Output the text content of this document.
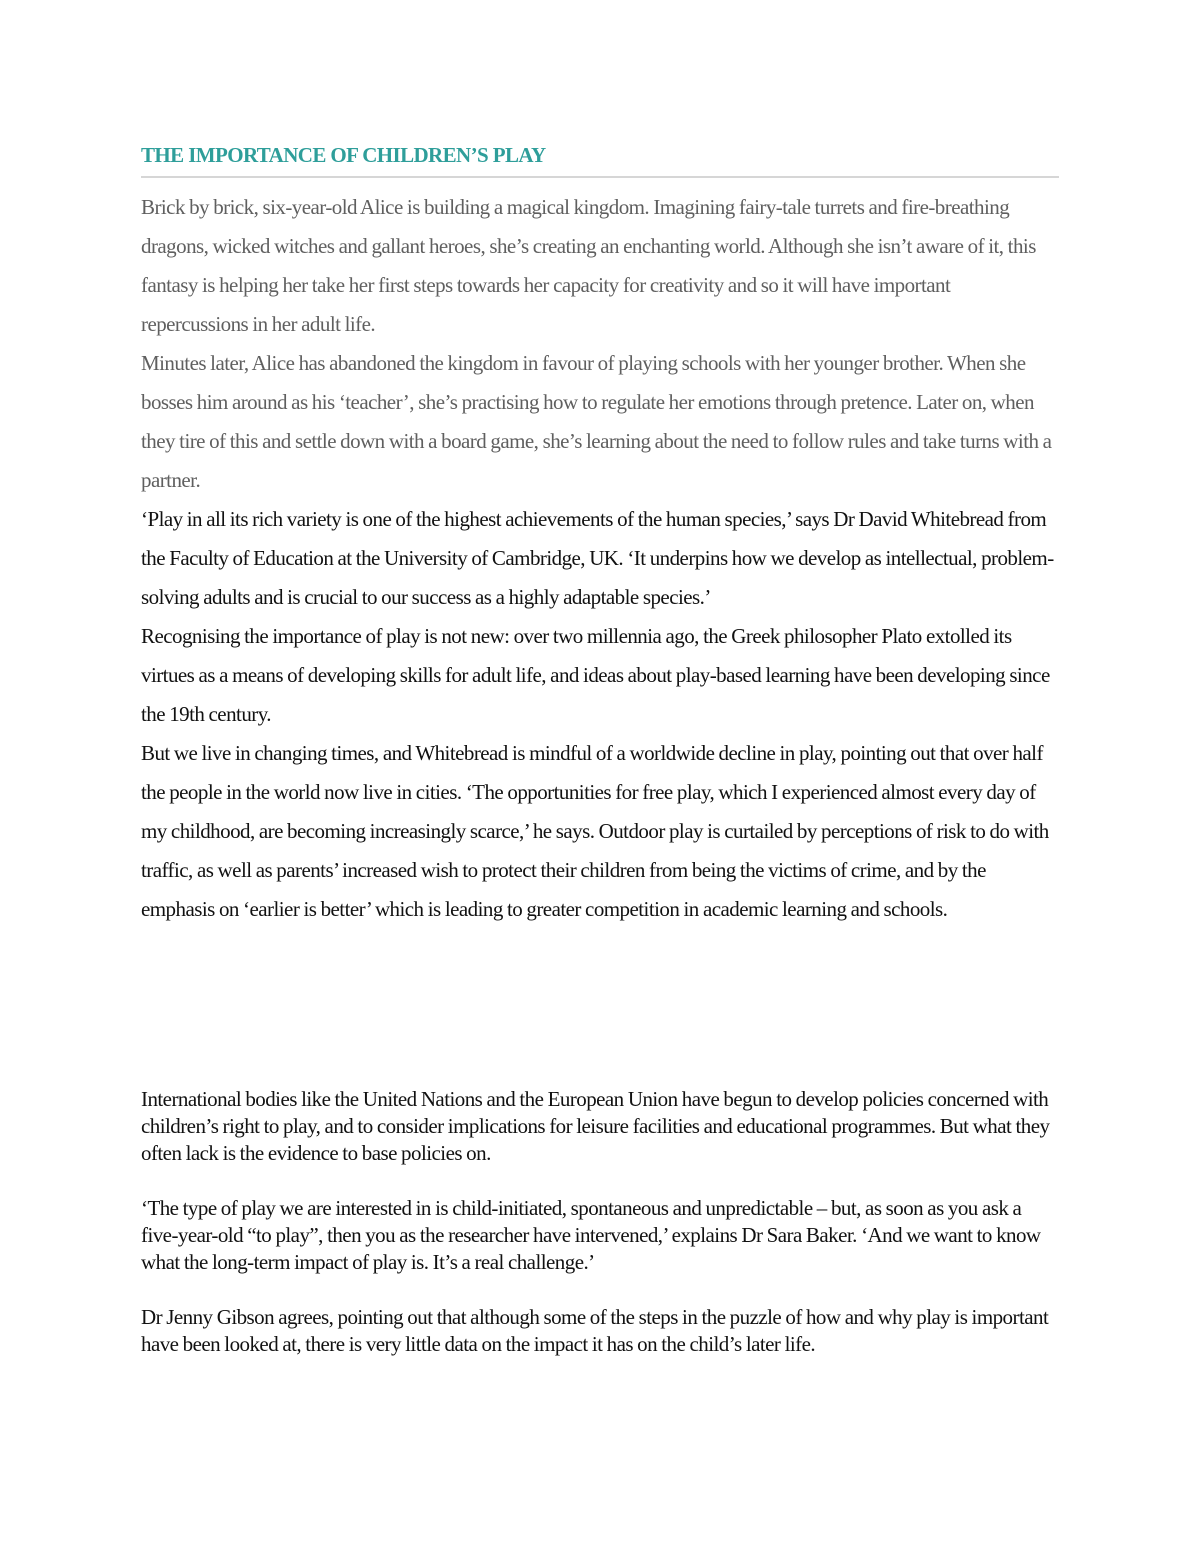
THE IMPORTANCE OF CHILDREN’S PLAY

Brick by brick, six-year-old Alice is building a magical kingdom. Imagining fairy-tale turrets and fire-breathing dragons, wicked witches and gallant heroes, she’s creating an enchanting world. Although she isn’t aware of it, this fantasy is helping her take her first steps towards her capacity for creativity and so it will have important repercussions in her adult life.

Minutes later, Alice has abandoned the kingdom in favour of playing schools with her younger brother. When she bosses him around as his ‘teacher’, she’s practising how to regulate her emotions through pretence. Later on, when they tire of this and settle down with a board game, she’s learning about the need to follow rules and take turns with a partner.

‘Play in all its rich variety is one of the highest achievements of the human species,’ says Dr David Whitebread from the Faculty of Education at the University of Cambridge, UK. ‘It underpins how we develop as intellectual, problem-solving adults and is crucial to our success as a highly adaptable species.’

Recognising the importance of play is not new: over two millennia ago, the Greek philosopher Plato extolled its virtues as a means of developing skills for adult life, and ideas about play-based learning have been developing since the 19th century.

But we live in changing times, and Whitebread is mindful of a worldwide decline in play, pointing out that over half the people in the world now live in cities. ‘The opportunities for free play, which I experienced almost every day of my childhood, are becoming increasingly scarce,’ he says. Outdoor play is curtailed by perceptions of risk to do with traffic, as well as parents’ increased wish to protect their children from being the victims of crime, and by the emphasis on ‘earlier is better’ which is leading to greater competition in academic learning and schools.

International bodies like the United Nations and the European Union have begun to develop policies concerned with children’s right to play, and to consider implications for leisure facilities and educational programmes. But what they often lack is the evidence to base policies on.

‘The type of play we are interested in is child-initiated, spontaneous and unpredictable – but, as soon as you ask a five-year-old “to play”, then you as the researcher have intervened,’ explains Dr Sara Baker. ‘And we want to know what the long-term impact of play is. It’s a real challenge.’

Dr Jenny Gibson agrees, pointing out that although some of the steps in the puzzle of how and why play is important have been looked at, there is very little data on the impact it has on the child’s later life.
